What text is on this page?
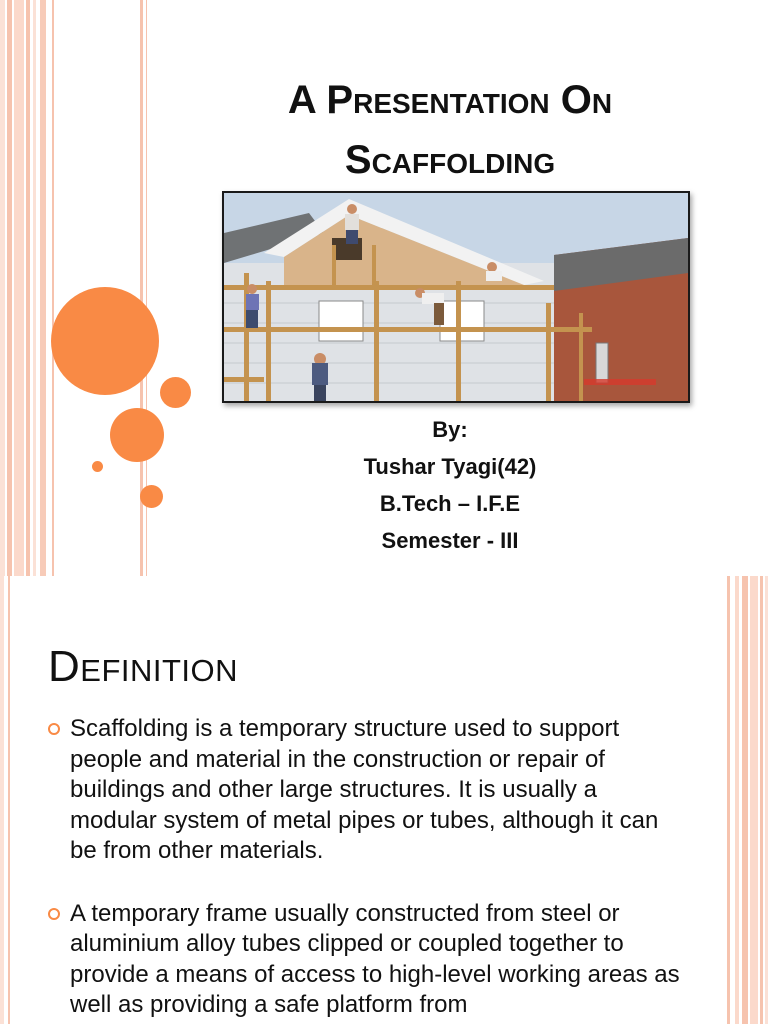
A Presentation On
Scaffolding
By:
Tushar Tyagi(42)
B.Tech – I.F.E
Semester - III
Definition
Scaffolding is a temporary structure used to support people and material in the construction or repair of buildings and other large structures. It is usually a modular system of metal pipes or tubes, although it can be from other materials.
A temporary frame usually constructed from steel or aluminium alloy tubes clipped or coupled together to provide a means of access to high-level working areas as well as providing a safe platform from
